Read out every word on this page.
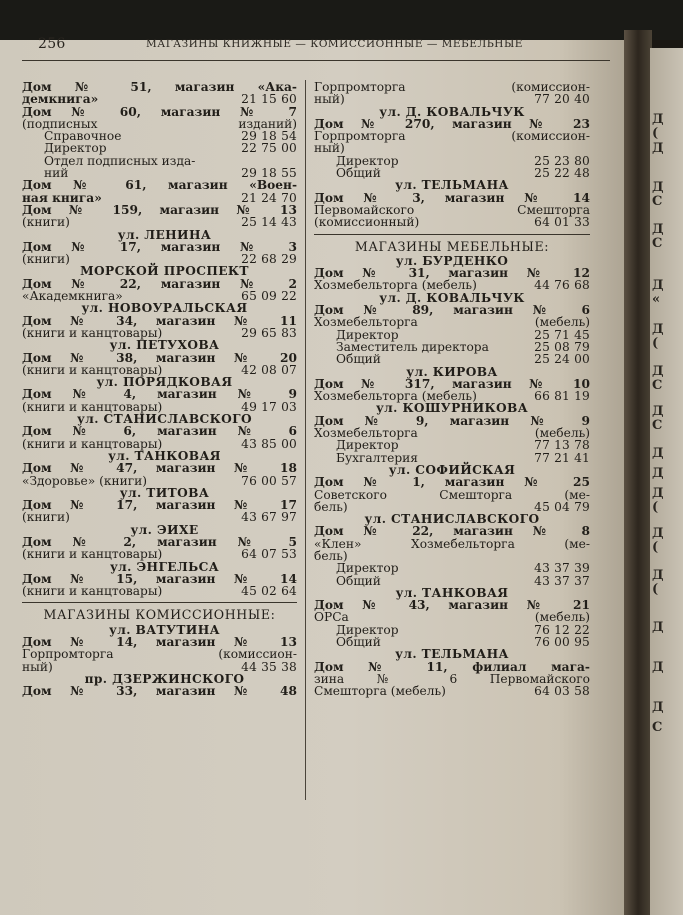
Д
(
Д
Д
С
Д
С
Д
«
Д
(
Д
С
Д
С
Д
Д
Д
(
Д
(
Д
(
Д
Д
Д
С
256	МАГАЗИНЫ КНИЖНЫЕ — КОМИССИОННЫЕ — МЕБЕЛЬНЫЕ
Дом № 51, магазин «Ака-
демкнига»	21 15 60
Дом № 60, магазин № 7
(подписных изданий)
Справочное	29 18 54
Директор	22 75 00
Отдел подписных изда-
ний	29 18 55
Дом № 61, магазин «Воен-
ная книга»	21 24 70
Дом № 159, магазин № 13
(книги)	25 14 43
ул. ЛЕНИНА
Дом № 17, магазин № 3
(книги)	22 68 29
МОРСКОЙ ПРОСПЕКТ
Дом № 22, магазин № 2
«Академкнига»	65 09 22
ул. НОВОУРАЛЬСКАЯ
Дом № 34, магазин № 11
(книги и канцтовары)	29 65 83
ул. ПЕТУХОВА
Дом № 38, магазин № 20
(книги и канцтовары)	42 08 07
ул. ПОРЯДКОВАЯ
Дом № 4, магазин № 9
(книги и канцтовары)	49 17 03
ул. СТАНИСЛАВСКОГО
Дом № 6, магазин № 6
(книги и канцтовары)	43 85 00
ул. ТАНКОВАЯ
Дом № 47, магазин № 18
«Здоровье» (книги)	76 00 57
ул. ТИТОВА
Дом № 17, магазин № 17
(книги)	43 67 97
ул. ЭИХЕ
Дом № 2, магазин № 5
(книги и канцтовары)	64 07 53
ул. ЭНГЕЛЬСА
Дом № 15, магазин № 14
(книги и канцтовары)	45 02 64
МАГАЗИНЫ КОМИССИОННЫЕ:
ул. ВАТУТИНА
Дом № 14, магазин № 13
Горпромторга (комиссион-
ный)	44 35 38
пр. ДЗЕРЖИНСКОГО
Дом № 33, магазин № 48
Горпромторга (комиссион-
ный)	77 20 40
ул. Д. КОВАЛЬЧУК
Дом № 270, магазин № 23
Горпромторга (комиссион-
ный)
Директор	25 23 80
Общий	25 22 48
ул. ТЕЛЬМАНА
Дом № 3, магазин № 14
Первомайского Смешторга
(комиссионный)	64 01 33
МАГАЗИНЫ МЕБЕЛЬНЫЕ:
ул. БУРДЕНКО
Дом № 31, магазин № 12
Хозмебельторга (мебель)	44 76 68
ул. Д. КОВАЛЬЧУК
Дом № 89, магазин № 6
Хозмебельторга (мебель)
Директор	25 71 45
Заместитель директора	25 08 79
Общий	25 24 00
ул. КИРОВА
Дом № 317, магазин № 10
Хозмебельторга (мебель)	66 81 19
ул. КОШУРНИКОВА
Дом № 9, магазин № 9
Хозмебельторга (мебель)
Директор	77 13 78
Бухгалтерия	77 21 41
ул. СОФИЙСКАЯ
Дом № 1, магазин № 25
Советского Смешторга (ме-
бель)	45 04 79
ул. СТАНИСЛАВСКОГО
Дом № 22, магазин № 8
«Клен» Хозмебельторга (ме-
бель)
Директор	43 37 39
Общий	43 37 37
ул. ТАНКОВАЯ
Дом № 43, магазин № 21
ОРСа (мебель)
Директор	76 12 22
Общий	76 00 95
ул. ТЕЛЬМАНА
Дом № 11, филиал мага-
зина № 6 Первомайского
Смешторга (мебель)	64 03 58
